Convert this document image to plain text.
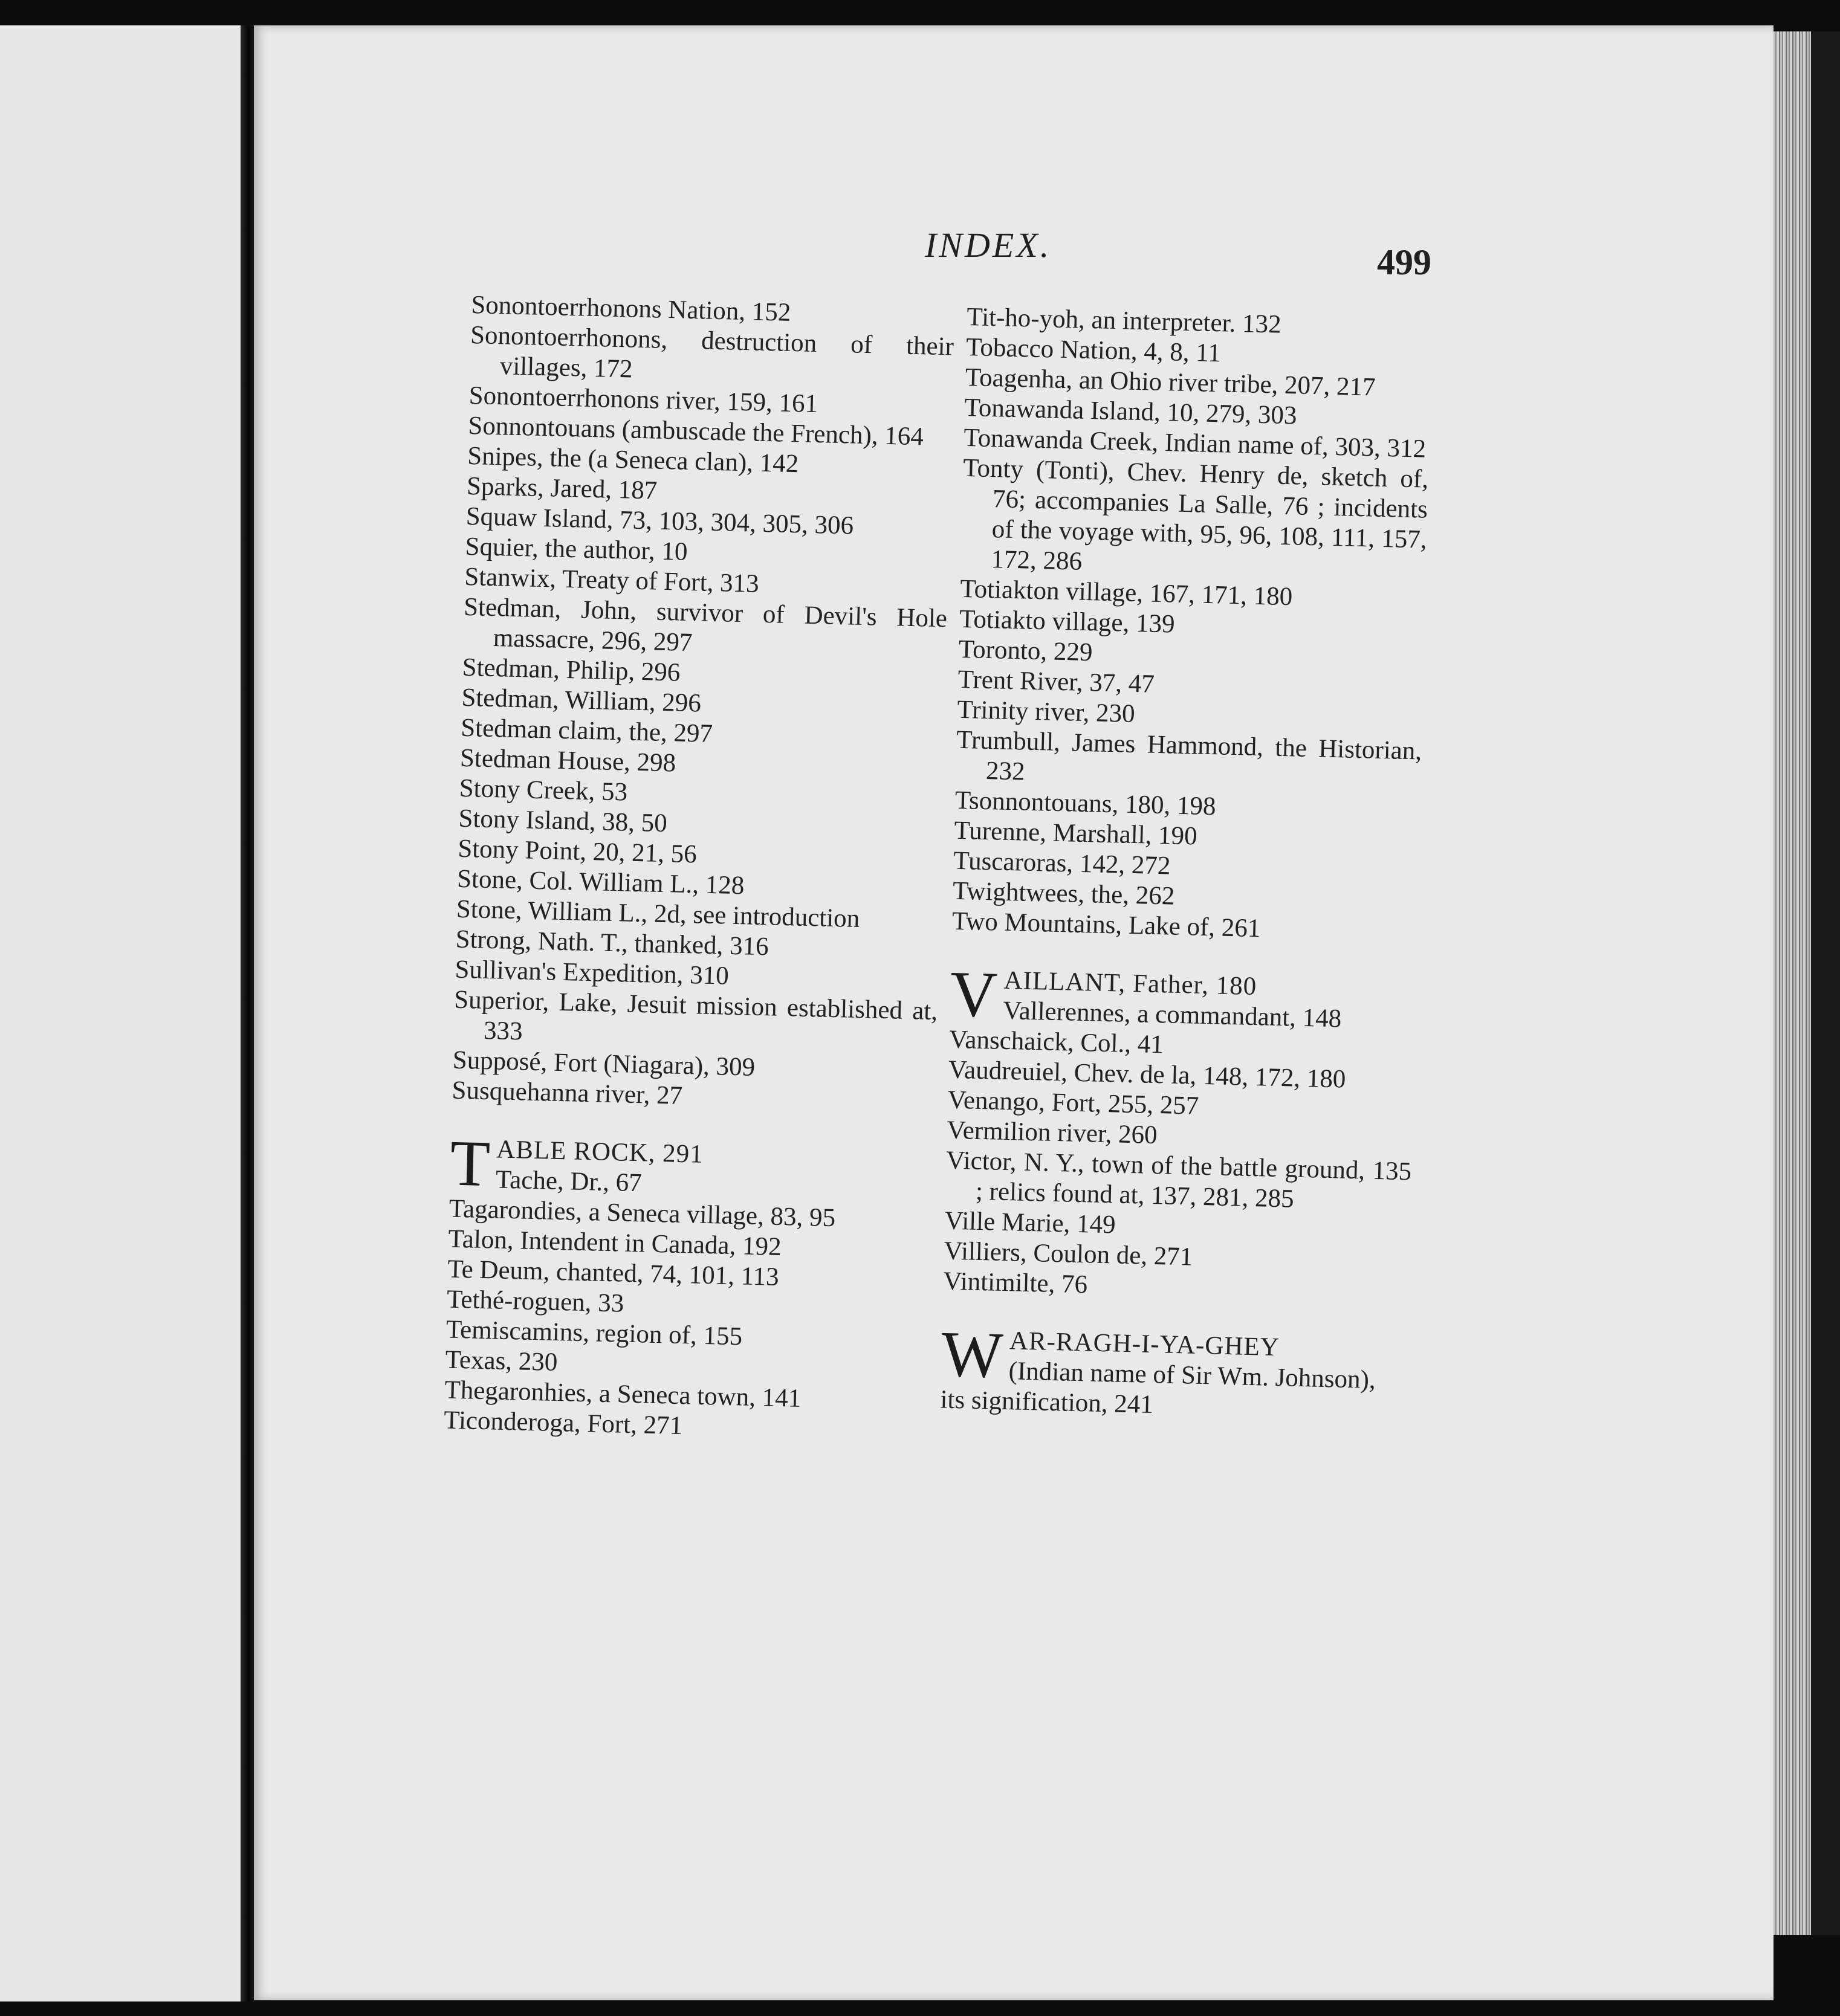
INDEX.	499

Sonontoerrhonons Nation, 152

Sonontoerrhonons, destruction of their villages, 172

Sonontoerrhonons river, 159, 161

Sonnontouans (ambuscade the French), 164

Snipes, the (a Seneca clan), 142

Sparks, Jared, 187

Squaw Island, 73, 103, 304, 305, 306

Squier, the author, 10

Stanwix, Treaty of Fort, 313

Stedman, John, survivor of Devil's Hole massacre, 296, 297

Stedman, Philip, 296

Stedman, William, 296

Stedman claim, the, 297

Stedman House, 298

Stony Creek, 53

Stony Island, 38, 50

Stony Point, 20, 21, 56

Stone, Col. William L., 128

Stone, William L., 2d, see introduction

Strong, Nath. T., thanked, 316

Sullivan's Expedition, 310

Superior, Lake, Jesuit mission established at, 333

Supposé, Fort (Niagara), 309

Susquehanna river, 27

T ABLE ROCK, 291
Tache, Dr., 67

Tagarondies, a Seneca village, 83, 95

Talon, Intendent in Canada, 192

Te Deum, chanted, 74, 101, 113

Tethé-roguen, 33

Temiscamins, region of, 155

Texas, 230

Thegaronhies, a Seneca town, 141

Ticonderoga, Fort, 271

Tit-ho-yoh, an interpreter. 132

Tobacco Nation, 4, 8, 11

Toagenha, an Ohio river tribe, 207, 217

Tonawanda Island, 10, 279, 303

Tonawanda Creek, Indian name of, 303, 312

Tonty (Tonti), Chev. Henry de, sketch of, 76; accompanies La Salle, 76 ; incidents of the voyage with, 95, 96, 108, 111, 157, 172, 286

Totiakton village, 167, 171, 180

Totiakto village, 139

Toronto, 229

Trent River, 37, 47

Trinity river, 230

Trumbull, James Hammond, the Historian, 232

Tsonnontouans, 180, 198

Turenne, Marshall, 190

Tuscaroras, 142, 272

Twightwees, the, 262

Two Mountains, Lake of, 261

V AILLANT, Father, 180
Vallerennes, a commandant, 148

Vanschaick, Col., 41

Vaudreuiel, Chev. de la, 148, 172, 180

Venango, Fort, 255, 257

Vermilion river, 260

Victor, N. Y., town of the battle ground, 135 ; relics found at, 137, 281, 285

Ville Marie, 149

Villiers, Coulon de, 271

Vintimilte, 76

W AR-RAGH-I-YA-GHEY
(Indian name of Sir Wm. Johnson), its signification, 241
